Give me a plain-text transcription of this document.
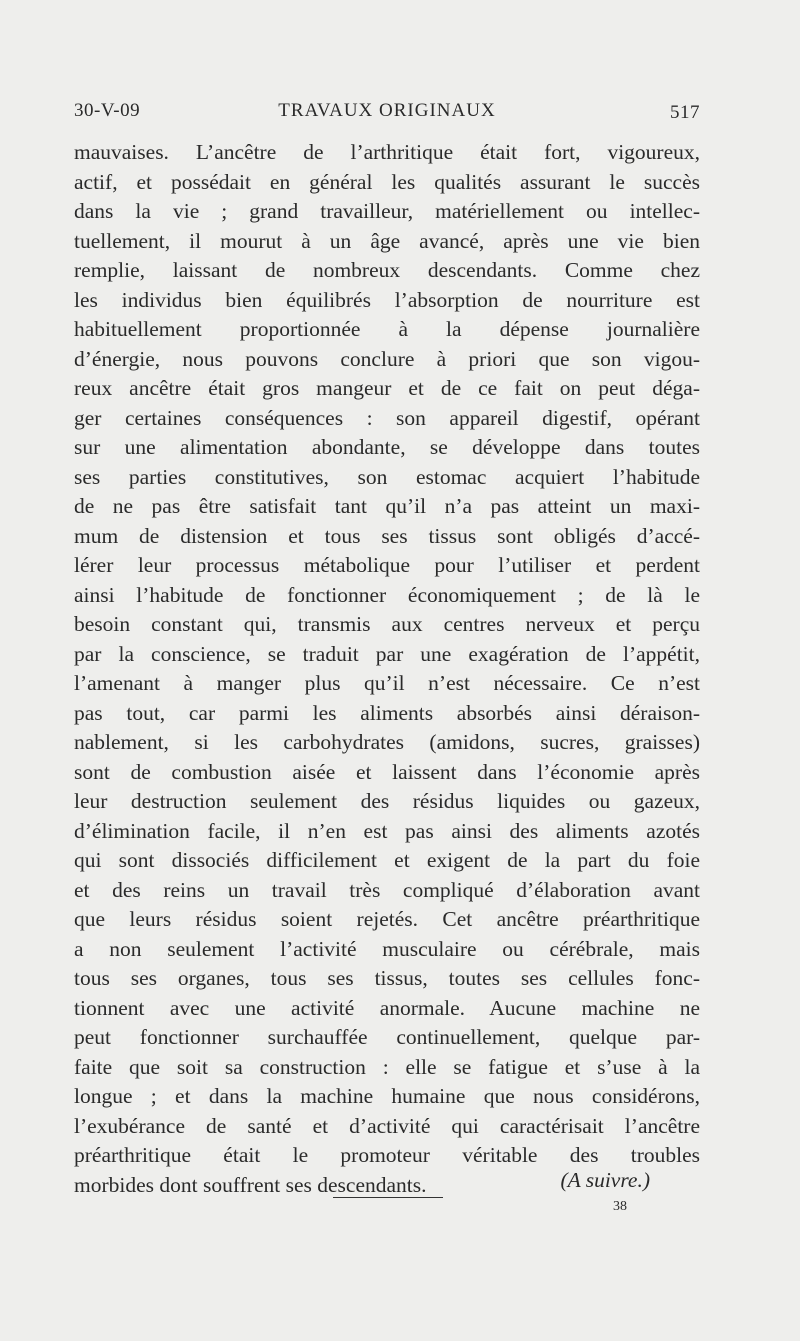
30-V-09	TRAVAUX ORIGINAUX	517
mauvaises. L’ancêtre de l’arthritique était fort, vigoureux,
actif, et possédait en général les qualités assurant le succès
dans la vie ; grand travailleur, matériellement ou intellec-
tuellement, il mourut à un âge avancé, après une vie bien
remplie, laissant de nombreux descendants. Comme chez
les individus bien équilibrés l’absorption de nourriture est
habituellement proportionnée à la dépense journalière
d’énergie, nous pouvons conclure à priori que son vigou-
reux ancêtre était gros mangeur et de ce fait on peut déga-
ger certaines conséquences : son appareil digestif, opérant
sur une alimentation abondante, se développe dans toutes
ses parties constitutives, son estomac acquiert l’habitude
de ne pas être satisfait tant qu’il n’a pas atteint un maxi-
mum de distension et tous ses tissus sont obligés d’accé-
lérer leur processus métabolique pour l’utiliser et perdent
ainsi l’habitude de fonctionner économiquement ; de là le
besoin constant qui, transmis aux centres nerveux et perçu
par la conscience, se traduit par une exagération de l’appétit,
l’amenant à manger plus qu’il n’est nécessaire. Ce n’est
pas tout, car parmi les aliments absorbés ainsi déraison-
nablement, si les carbohydrates (amidons, sucres, graisses)
sont de combustion aisée et laissent dans l’économie après
leur destruction seulement des résidus liquides ou gazeux,
d’élimination facile, il n’en est pas ainsi des aliments azotés
qui sont dissociés difficilement et exigent de la part du foie
et des reins un travail très compliqué d’élaboration avant
que leurs résidus soient rejetés. Cet ancêtre préarthritique
a non seulement l’activité musculaire ou cérébrale, mais
tous ses organes, tous ses tissus, toutes ses cellules fonc-
tionnent avec une activité anormale. Aucune machine ne
peut fonctionner surchauffée continuellement, quelque par-
faite que soit sa construction : elle se fatigue et s’use à la
longue ; et dans la machine humaine que nous considérons,
l’exubérance de santé et d’activité qui caractérisait l’ancêtre
préarthritique était le promoteur véritable des troubles
morbides dont souffrent ses descendants.	(A suivre.)
38
